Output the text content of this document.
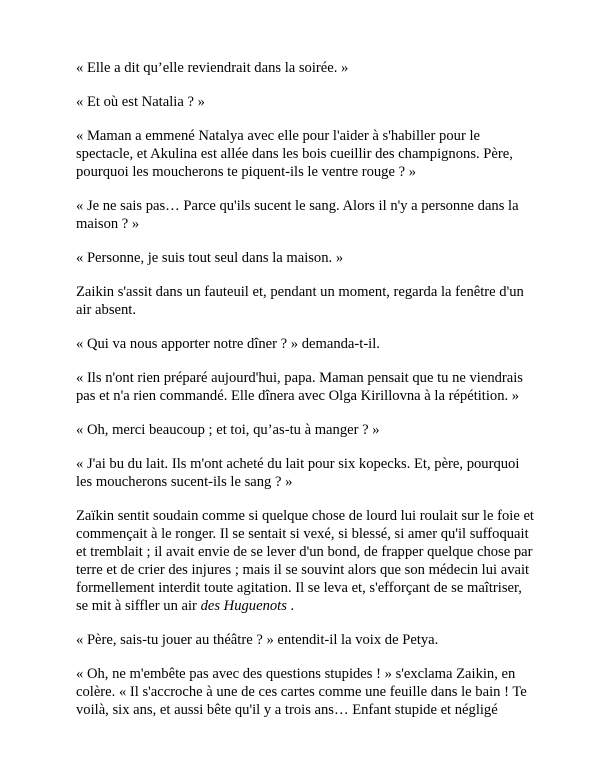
« Elle a dit qu’elle reviendrait dans la soirée. »

« Et où est Natalia ? »

« Maman a emmené Natalya avec elle pour l'aider à s'habiller pour le spectacle, et Akulina est allée dans les bois cueillir des champignons. Père, pourquoi les moucherons te piquent-ils le ventre rouge ? »

« Je ne sais pas… Parce qu'ils sucent le sang. Alors il n'y a personne dans la maison ? »

« Personne, je suis tout seul dans la maison. »

Zaikin s'assit dans un fauteuil et, pendant un moment, regarda la fenêtre d'un air absent.

« Qui va nous apporter notre dîner ? » demanda-t-il.

« Ils n'ont rien préparé aujourd'hui, papa. Maman pensait que tu ne viendrais pas et n'a rien commandé. Elle dînera avec Olga Kirillovna à la répétition. »

« Oh, merci beaucoup ; et toi, qu’as-tu à manger ? »

« J'ai bu du lait. Ils m'ont acheté du lait pour six kopecks. Et, père, pourquoi les moucherons sucent-ils le sang ? »

Zaïkin sentit soudain comme si quelque chose de lourd lui roulait sur le foie et commençait à le ronger. Il se sentait si vexé, si blessé, si amer qu'il suffoquait et tremblait ; il avait envie de se lever d'un bond, de frapper quelque chose par terre et de crier des injures ; mais il se souvint alors que son médecin lui avait formellement interdit toute agitation. Il se leva et, s'efforçant de se maîtriser, se mit à siffler un air des Huguenots .

« Père, sais-tu jouer au théâtre ? » entendit-il la voix de Petya.

« Oh, ne m'embête pas avec des questions stupides ! » s'exclama Zaikin, en colère. « Il s'accroche à une de ces cartes comme une feuille dans le bain ! Te voilà, six ans, et aussi bête qu'il y a trois ans… Enfant stupide et négligé
